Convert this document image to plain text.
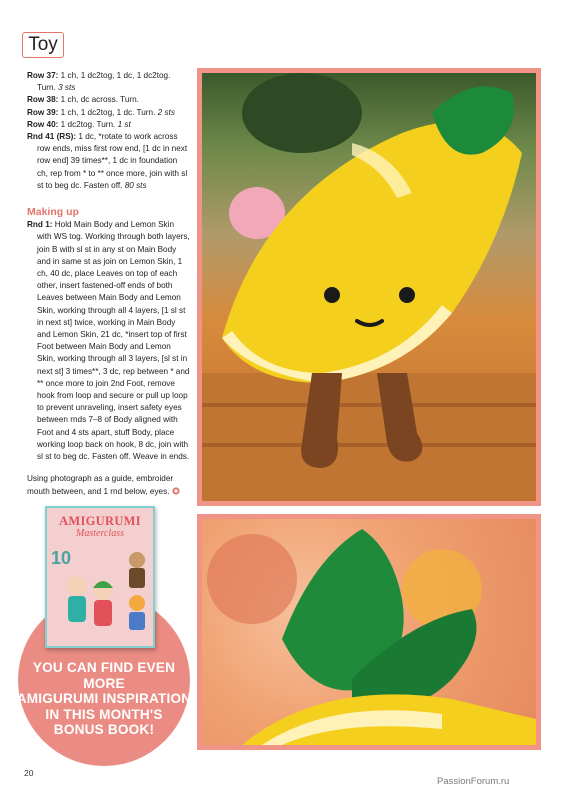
Toy

Row 37: 1 ch, 1 dc2tog, 1 dc, 1 dc2tog. Turn. 3 sts

Row 38: 1 ch, dc across. Turn.

Row 39: 1 ch, 1 dc2tog, 1 dc. Turn. 2 sts

Row 40: 1 dc2tog. Turn. 1 st

Rnd 41 (RS): 1 dc, *rotate to work across row ends, miss first row end, [1 dc in next row end] 39 times**, 1 dc in foundation ch, rep from * to ** once more, join with sl st to beg dc. Fasten off. 80 sts

Making up

Rnd 1: Hold Main Body and Lemon Skin with WS tog. Working through both layers, join B with sl st in any st on Main Body and in same st as join on Lemon Skin, 1 ch, 40 dc, place Leaves on top of each other, insert fastened-off ends of both Leaves between Main Body and Lemon Skin, working through all 4 layers, [1 sl st in next st] twice, working in Main Body and Lemon Skin, 21 dc, *insert top of first Foot between Main Body and Lemon Skin, working through all 3 layers, [sl st in next st] 3 times**, 3 dc, rep between * and ** once more to join 2nd Foot, remove hook from loop and secure or pull up loop to prevent unraveling, insert safety eyes between rnds 7–8 of Body aligned with Foot and 4 sts apart, stuff Body, place working loop back on hook, 8 dc, join with sl st to beg dc. Fasten off. Weave in ends.

Using photograph as a guide, embroider mouth between, and 1 rnd below, eyes.

AMIGURUMI
Masterclass
10
YOU CAN FIND EVEN MORE
AMIGURUMI INSPIRATION
IN THIS MONTH'S
BONUS BOOK!
20
PassionForum.ru
